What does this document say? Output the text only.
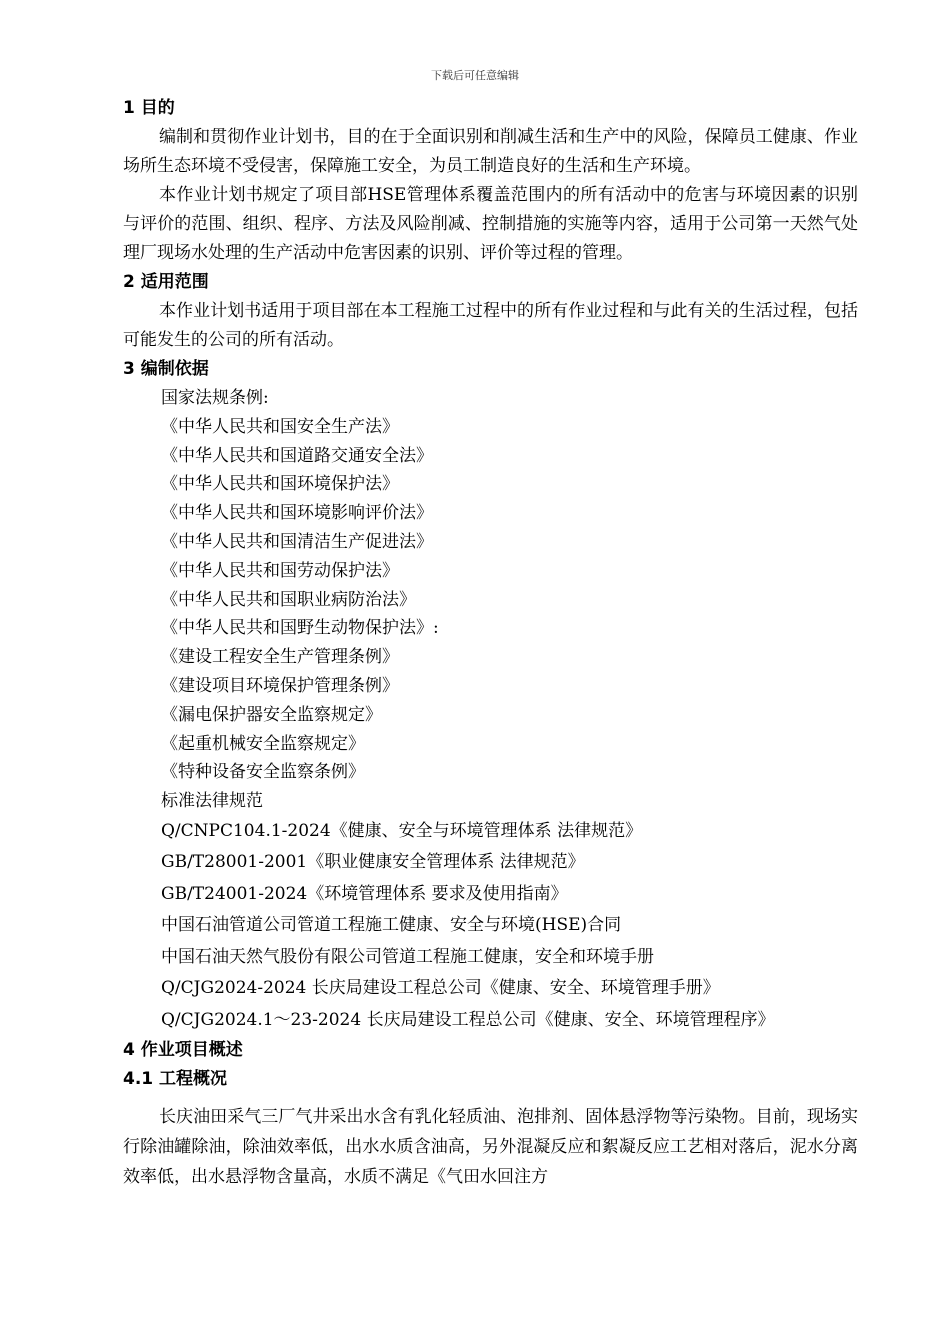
下载后可任意编辑
1 目的

编制和贯彻作业计划书，目的在于全面识别和削减生活和生产中的风险，保障员工健康、作业场所生态环境不受侵害，保障施工安全，为员工制造良好的生活和生产环境。

本作业计划书规定了项目部HSE管理体系覆盖范围内的所有活动中的危害与环境因素的识别与评价的范围、组织、程序、方法及风险削减、控制措施的实施等内容，适用于公司第一天然气处理厂现场水处理的生产活动中危害因素的识别、评价等过程的管理。

2 适用范围

本作业计划书适用于项目部在本工程施工过程中的所有作业过程和与此有关的生活过程，包括可能发生的公司的所有活动。

3 编制依据
国家法规条例:
《中华人民共和国安全生产法》
《中华人民共和国道路交通安全法》
《中华人民共和国环境保护法》
《中华人民共和国环境影响评价法》
《中华人民共和国清洁生产促进法》
《中华人民共和国劳动保护法》
《中华人民共和国职业病防治法》
《中华人民共和国野生动物保护法》:
《建设工程安全生产管理条例》
《建设项目环境保护管理条例》
《漏电保护器安全监察规定》
《起重机械安全监察规定》
《特种设备安全监察条例》
标准法律规范
Q/CNPC104.1-2024《健康、安全与环境管理体系 法律规范》
GB/T28001-2001《职业健康安全管理体系 法律规范》
GB/T24001-2024《环境管理体系 要求及使用指南》
中国石油管道公司管道工程施工健康、安全与环境(HSE)合同
中国石油天然气股份有限公司管道工程施工健康，安全和环境手册
Q/CJG2024-2024 长庆局建设工程总公司《健康、安全、环境管理手册》
Q/CJG2024.1～23-2024 长庆局建设工程总公司《健康、安全、环境管理程序》
4 作业项目概述
4.1 工程概况

长庆油田采气三厂气井采出水含有乳化轻质油、泡排剂、固体悬浮物等污染物。目前，现场实行除油罐除油，除油效率低，出水水质含油高，另外混凝反应和絮凝反应工艺相对落后，泥水分离效率低，出水悬浮物含量高，水质不满足《气田水回注方
